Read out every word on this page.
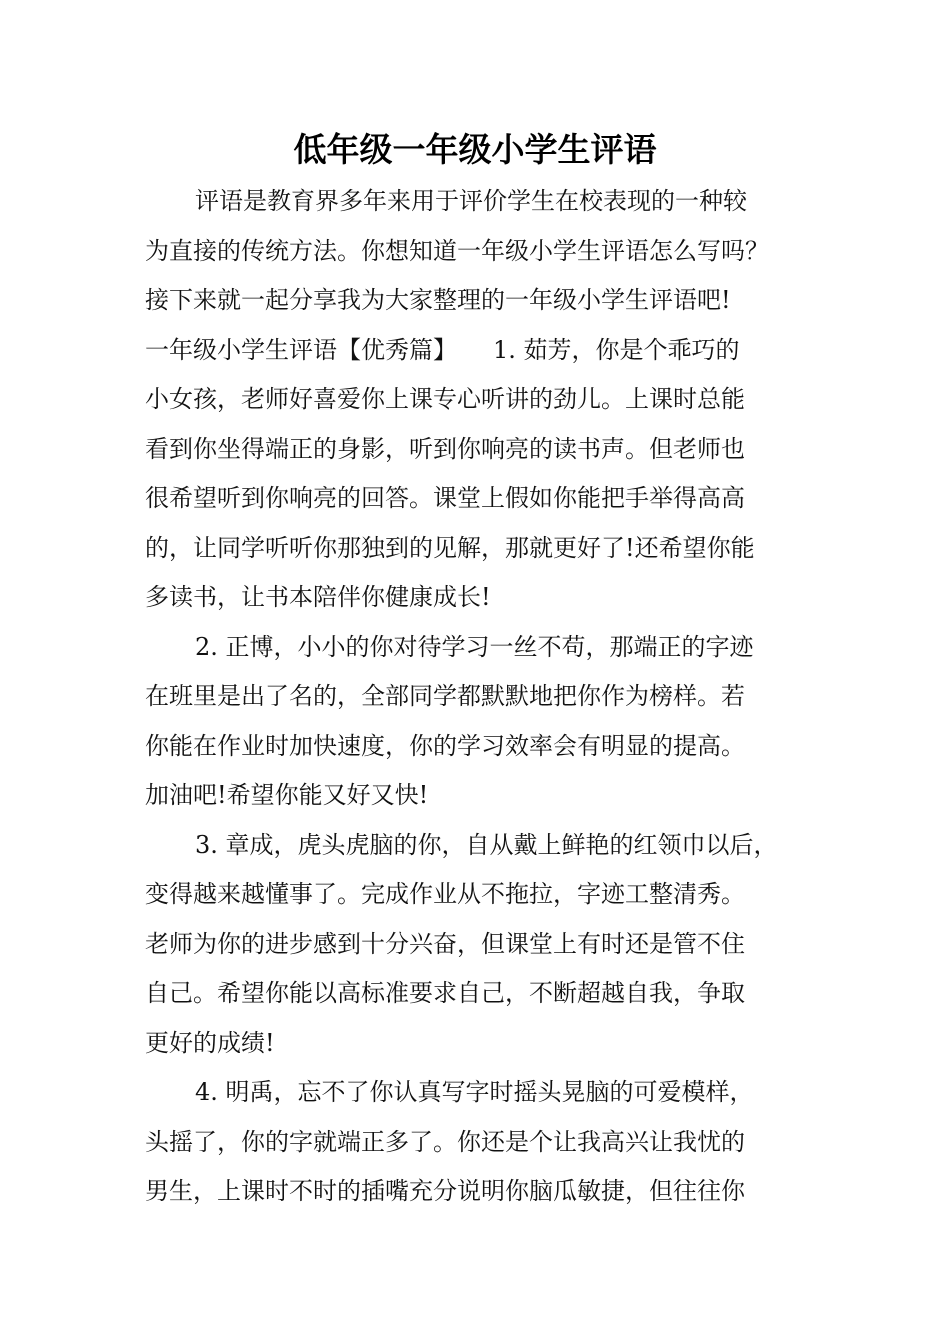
低年级一年级小学生评语
评语是教育界多年来用于评价学生在校表现的一种较
为直接的传统方法。你想知道一年级小学生评语怎么写吗？
接下来就一起分享我为大家整理的一年级小学生评语吧!
一年级小学生评语【优秀篇】　　1. 茹芳，你是个乖巧的
小女孩，老师好喜爱你上课专心听讲的劲儿。上课时总能
看到你坐得端正的身影，听到你响亮的读书声。但老师也
很希望听到你响亮的回答。课堂上假如你能把手举得高高
的，让同学听听你那独到的见解，那就更好了!还希望你能
多读书，让书本陪伴你健康成长!
2. 正博，小小的你对待学习一丝不苟，那端正的字迹
在班里是出了名的，全部同学都默默地把你作为榜样。若
你能在作业时加快速度，你的学习效率会有明显的提高。
加油吧!希望你能又好又快!
3. 章成，虎头虎脑的你，自从戴上鲜艳的红领巾以后，
变得越来越懂事了。完成作业从不拖拉，字迹工整清秀。
老师为你的进步感到十分兴奋，但课堂上有时还是管不住
自己。希望你能以高标准要求自己，不断超越自我，争取
更好的成绩!
4. 明禹，忘不了你认真写字时摇头晃脑的可爱模样，
头摇了，你的字就端正多了。你还是个让我高兴让我忧的
男生，上课时不时的插嘴充分说明你脑瓜敏捷，但往往你
